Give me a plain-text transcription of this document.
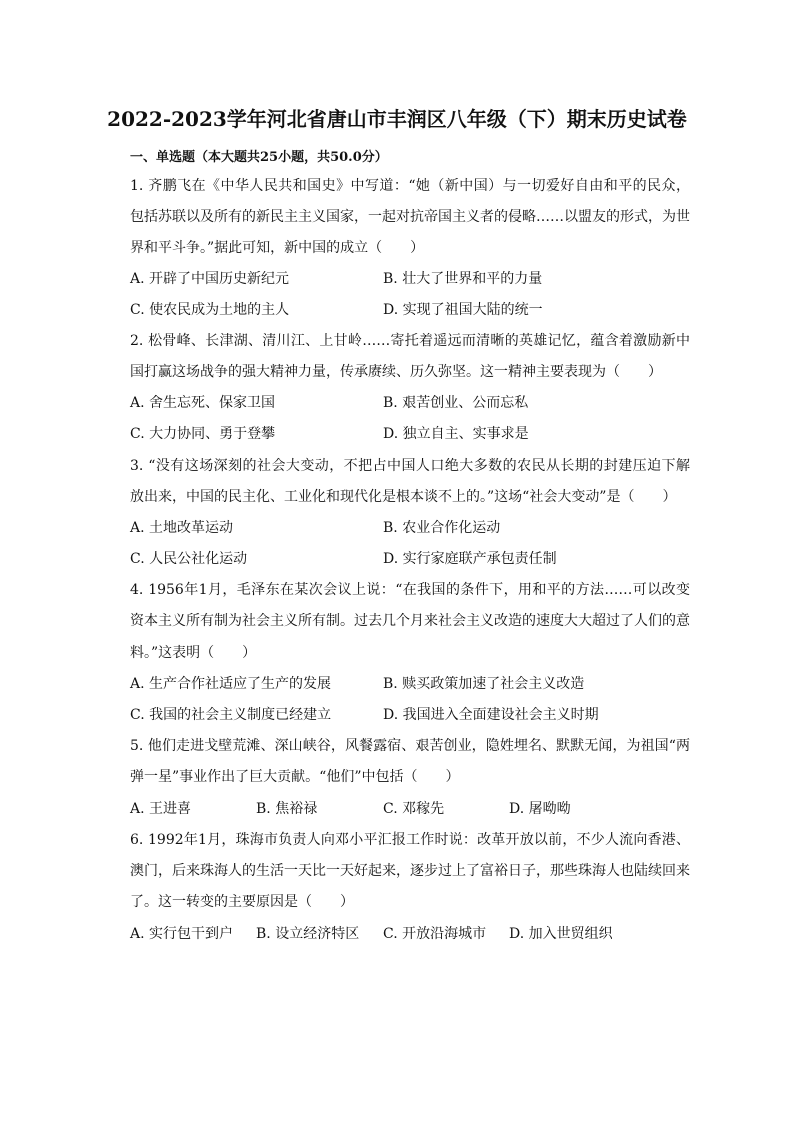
2022-2023学年河北省唐山市丰润区八年级（下）期末历史试卷
一、单选题（本大题共25小题，共50.0分）
1. 齐鹏飞在《中华人民共和国史》中写道：“她（新中国）与一切爱好自由和平的民众，
包括苏联以及所有的新民主主义国家，一起对抗帝国主义者的侵略……以盟友的形式，为世
界和平斗争。”据此可知，新中国的成立（　　）
A. 开辟了中国历史新纪元	B. 壮大了世界和平的力量
C. 使农民成为土地的主人	D. 实现了祖国大陆的统一
2. 松骨峰、长津湖、清川江、上甘岭……寄托着遥远而清晰的英雄记忆，蕴含着激励新中
国打赢这场战争的强大精神力量，传承赓续、历久弥坚。这一精神主要表现为（　　）
A. 舍生忘死、保家卫国	B. 艰苦创业、公而忘私
C. 大力协同、勇于登攀	D. 独立自主、实事求是
3. “没有这场深刻的社会大变动，不把占中国人口绝大多数的农民从长期的封建压迫下解
放出来，中国的民主化、工业化和现代化是根本谈不上的。”这场“社会大变动”是（　　）
A. 土地改革运动	B. 农业合作化运动
C. 人民公社化运动	D. 实行家庭联产承包责任制
4. 1956年1月，毛泽东在某次会议上说：“在我国的条件下，用和平的方法……可以改变
资本主义所有制为社会主义所有制。过去几个月来社会主义改造的速度大大超过了人们的意
料。”这表明（　　）
A. 生产合作社适应了生产的发展	B. 赎买政策加速了社会主义改造
C. 我国的社会主义制度已经建立	D. 我国进入全面建设社会主义时期
5. 他们走进戈壁荒滩、深山峡谷，风餐露宿、艰苦创业，隐姓埋名、默默无闻，为祖国“两
弹一星”事业作出了巨大贡献。“他们”中包括（　　）
A. 王进喜	B. 焦裕禄	C. 邓稼先	D. 屠呦呦
6. 1992年1月，珠海市负责人向邓小平汇报工作时说：改革开放以前，不少人流向香港、
澳门，后来珠海人的生活一天比一天好起来，逐步过上了富裕日子，那些珠海人也陆续回来
了。这一转变的主要原因是（　　）
A. 实行包干到户 B. 设立经济特区 C. 开放沿海城市 D. 加入世贸组织
